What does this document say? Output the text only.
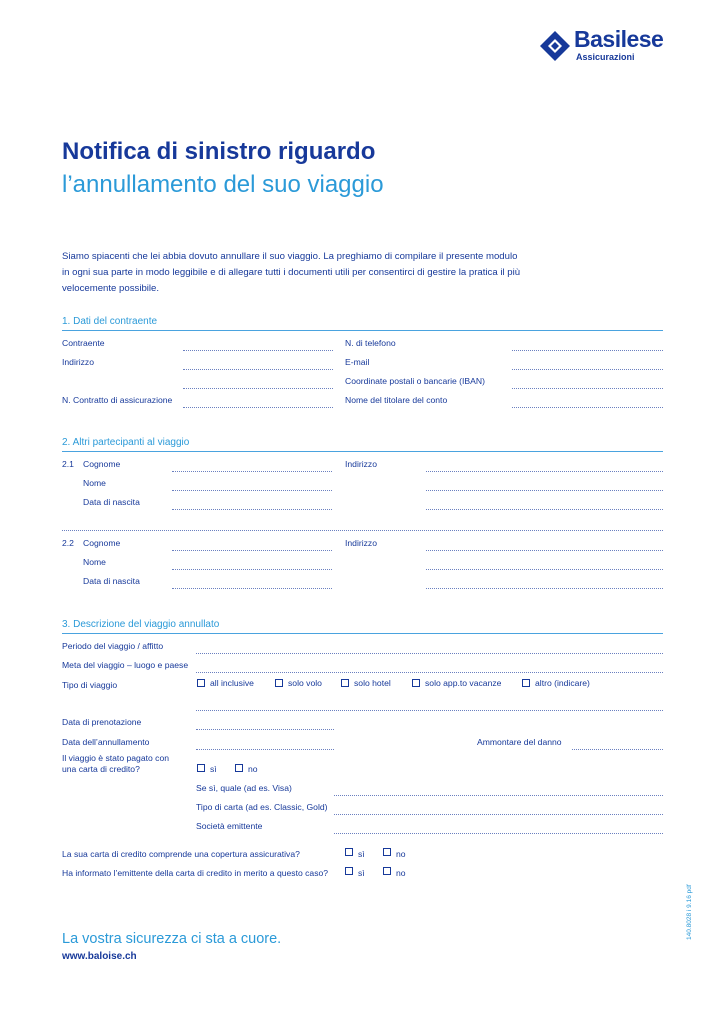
Basilese
Assicurazioni
Notifica di sinistro riguardo
l’annullamento del suo viaggio
Siamo spiacenti che lei abbia dovuto annullare il suo viaggio. La preghiamo di compilare il presente modulo
in ogni sua parte in modo leggibile e di allegare tutti i documenti utili per consentirci di gestire la pratica il più
velocemente possibile.
1. Dati del contraente
Contraente
Indirizzo
N. Contratto di assicurazione
N. di telefono
E-mail
Coordinate postali o bancarie (IBAN)
Nome del titolare del conto
2. Altri partecipanti al viaggio
2.1 Cognome
Nome
Data di nascita
Indirizzo
2.2 Cognome
Nome
Data di nascita
Indirizzo
3. Descrizione del viaggio annullato
Periodo del viaggio / affitto
Meta del viaggio – luogo e paese
Tipo di viaggio	all inclusive	solo volo	solo hotel	solo app.to vacanze	altro (indicare)
Data di prenotazione
Data dell’annullamento	Ammontare del danno
Il viaggio è stato pagato con
una carta di credito?	sì	no
Se sì, quale (ad es. Visa)
Tipo di carta (ad es. Classic, Gold)
Società emittente
La sua carta di credito comprende una copertura assicurativa?	sì	no
Ha informato l’emittente della carta di credito in merito a questo caso?	sì	no
140.8028 i 9.16 pdf
La vostra sicurezza ci sta a cuore.
www.baloise.ch
